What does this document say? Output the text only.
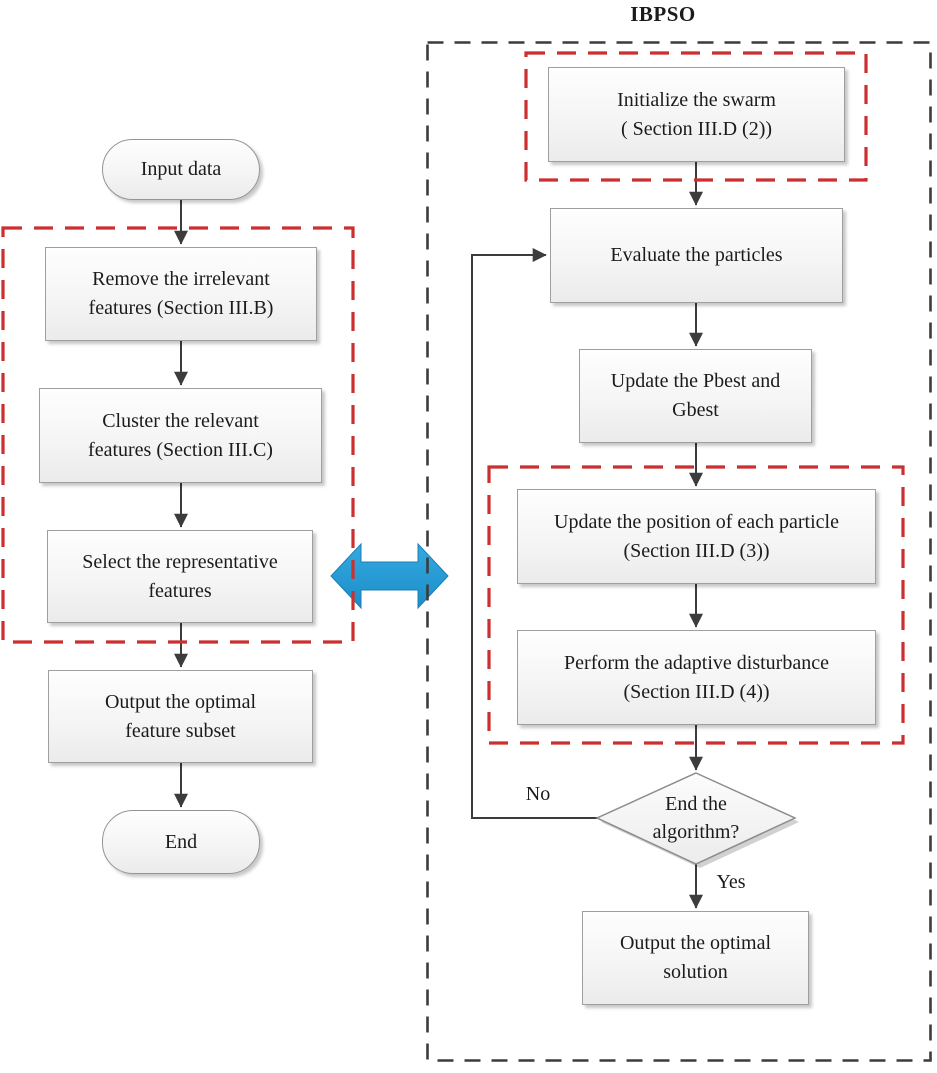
IBPSO
Input data
Remove the irrelevant
features (Section III.B)
Cluster the relevant
features (Section III.C)
Select the representative
features
Output the optimal
feature subset
End
Initialize the swarm
( Section III.D (2))
Evaluate the particles
Update the Pbest and
Gbest
Update the position of each particle
(Section III.D (3))
Perform the adaptive disturbance
(Section III.D (4))
End the
algorithm?
Output the optimal
solution
No
Yes
